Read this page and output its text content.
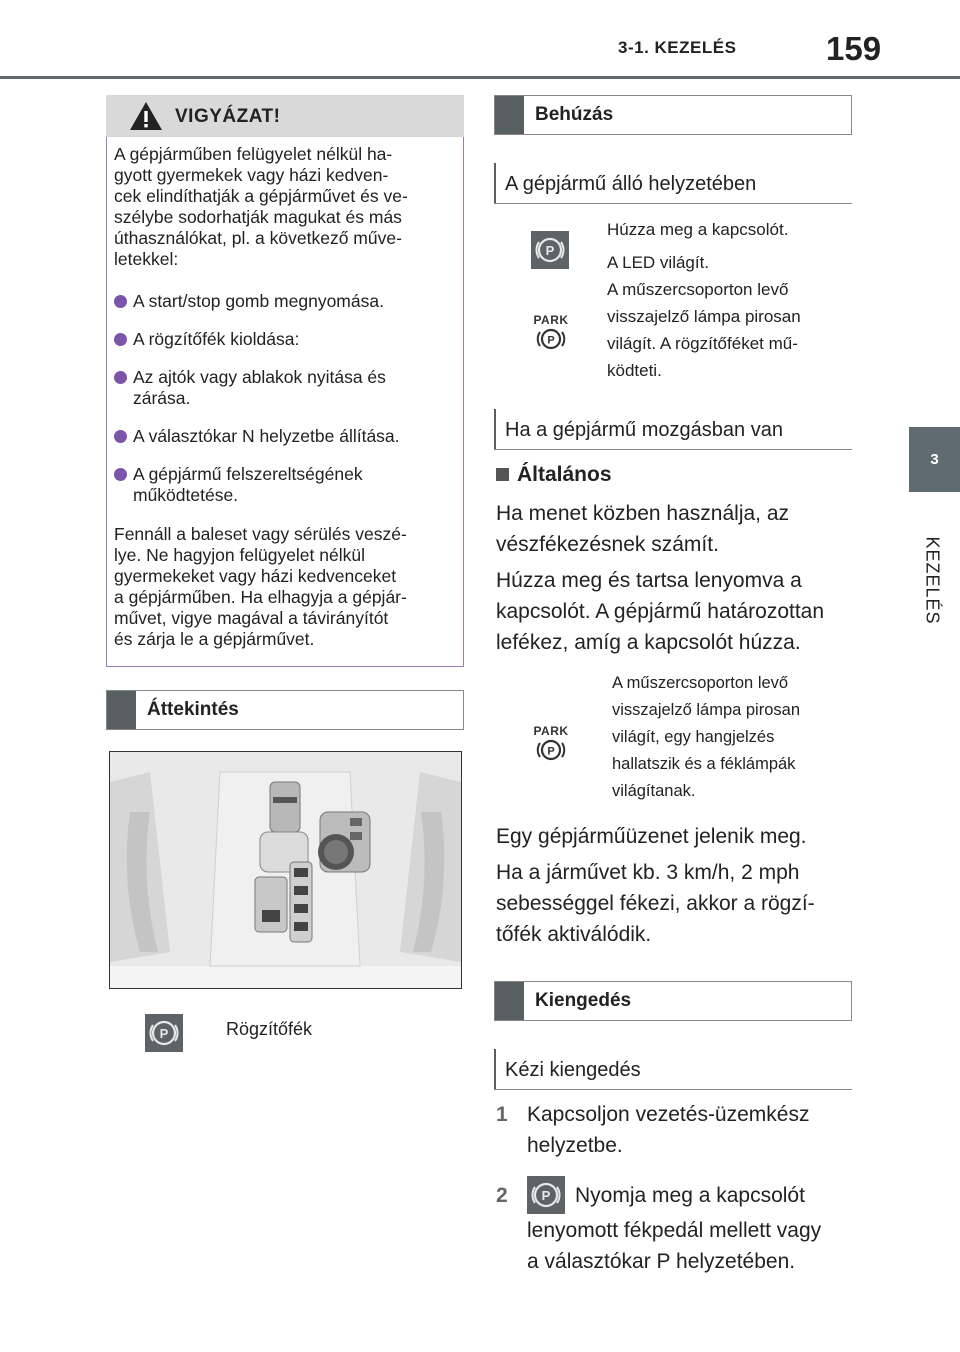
3-1. KEZELÉS	159
3
KEZELÉS
VIGYÁZAT!
A gépjárműben felügyelet nélkül ha-
gyott gyermekek vagy házi kedven-
cek elindíthatják a gépjárművet és ve-
szélybe sodorhatják magukat és más
úthasználókat, pl. a következő műve-
letekkel:
A start/stop gomb megnyomása.
A rögzítőfék kioldása:
Az ajtók vagy ablakok nyitása és
zárása.
A választókar N helyzetbe állítása.
A gépjármű felszereltségének
működtetése.
Fennáll a baleset vagy sérülés veszé-
lye. Ne hagyjon felügyelet nélkül
gyermekeket vagy házi kedvenceket
a gépjárműben. Ha elhagyja a gépjár-
művet, vigye magával a távirányítót
és zárja le a gépjárművet.
Áttekintés
P	Rögzítőfék
Behúzás
A gépjármű álló helyzetében
P
PARK
P
Húzza meg a kapcsolót.
A LED világít.
A műszercsoporton levő
visszajelző lámpa pirosan
világít. A rögzítőféket mű-
ködteti.
Ha a gépjármű mozgásban van
Általános
Ha menet közben használja, az
vészfékezésnek számít.
Húzza meg és tartsa lenyomva a
kapcsolót. A gépjármű határozottan
lefékez, amíg a kapcsolót húzza.
PARK
P
A műszercsoporton levő
visszajelző lámpa pirosan
világít, egy hangjelzés
hallatszik és a féklámpák
világítanak.
Egy gépjárműüzenet jelenik meg.
Ha a járművet kb. 3 km/h, 2 mph
sebességgel fékezi, akkor a rögzí-
tőfék aktiválódik.
Kiengedés
Kézi kiengedés
1 Kapcsoljon vezetés-üzemkész
helyzetbe.
2	P Nyomja meg a kapcsolót
lenyomott fékpedál mellett vagy
a választókar P helyzetében.
